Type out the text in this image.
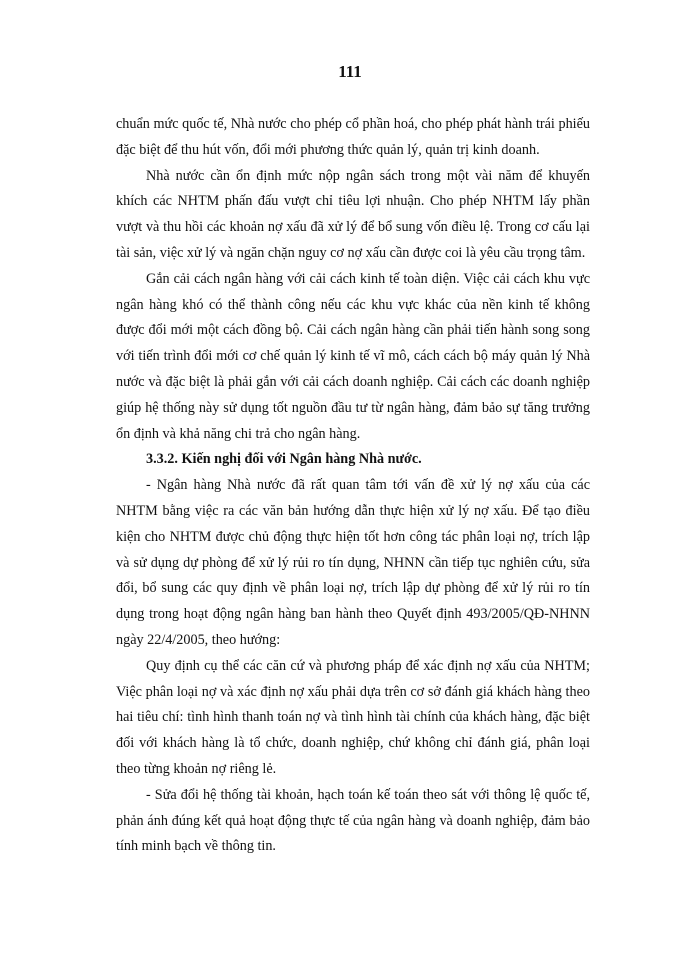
111

chuẩn mức quốc tế, Nhà nước cho phép cổ phần hoá, cho phép phát hành trái phiếu đặc biệt để thu hút vốn, đổi mới phương thức quản lý, quản trị kinh doanh.

Nhà nước cần ổn định mức nộp ngân sách trong một vài năm để khuyến khích các NHTM phấn đấu vượt chỉ tiêu lợi nhuận. Cho phép NHTM lấy phần vượt và thu hồi các khoản nợ xấu đã xử lý để bổ sung vốn điều lệ. Trong cơ cấu lại tài sản, việc xử lý và ngăn chặn nguy cơ nợ xấu cần được coi là yêu cầu trọng tâm.

Gắn cải cách ngân hàng với cải cách kinh tế toàn diện. Việc cải cách khu vực ngân hàng khó có thể thành công nếu các khu vực khác của nền kinh tế không được đổi mới một cách đồng bộ. Cải cách ngân hàng cần phải tiến hành song song với tiến trình đổi mới cơ chế quản lý kinh tế vĩ mô, cách cách bộ máy quản lý Nhà nước và đặc biệt là phải gắn với cải cách doanh nghiệp. Cải cách các doanh nghiệp giúp hệ thống này sử dụng tốt nguồn đầu tư từ ngân hàng, đảm bảo sự tăng trưởng ổn định và khả năng chi trả cho ngân hàng.

3.3.2. Kiến nghị đối với Ngân hàng Nhà nước.

- Ngân hàng Nhà nước đã rất quan tâm tới vấn đề xử lý nợ xấu của các NHTM bằng việc ra các văn bản hướng dẫn thực hiện xử lý nợ xấu. Để tạo điều kiện cho NHTM được chủ động thực hiện tốt hơn công tác phân loại nợ, trích lập và sử dụng dự phòng để xử lý rủi ro tín dụng, NHNN cần tiếp tục nghiên cứu, sửa đổi, bổ sung các quy định về phân loại nợ, trích lập dự phòng để xử lý rủi ro tín dụng trong hoạt động ngân hàng ban hành theo Quyết định 493/2005/QĐ-NHNN ngày 22/4/2005, theo hướng:

Quy định cụ thể các căn cứ và phương pháp để xác định nợ xấu của NHTM; Việc phân loại nợ và xác định nợ xấu phải dựa trên cơ sở đánh giá khách hàng theo hai tiêu chí: tình hình thanh toán nợ và tình hình tài chính của khách hàng, đặc biệt đối với khách hàng là tổ chức, doanh nghiệp, chứ không chỉ đánh giá, phân loại theo từng khoản nợ riêng lẻ.

- Sửa đổi hệ thống tài khoản, hạch toán kế toán theo sát với thông lệ quốc tế, phản ánh đúng kết quả hoạt động thực tế của ngân hàng và doanh nghiệp, đảm bảo tính minh bạch về thông tin.
